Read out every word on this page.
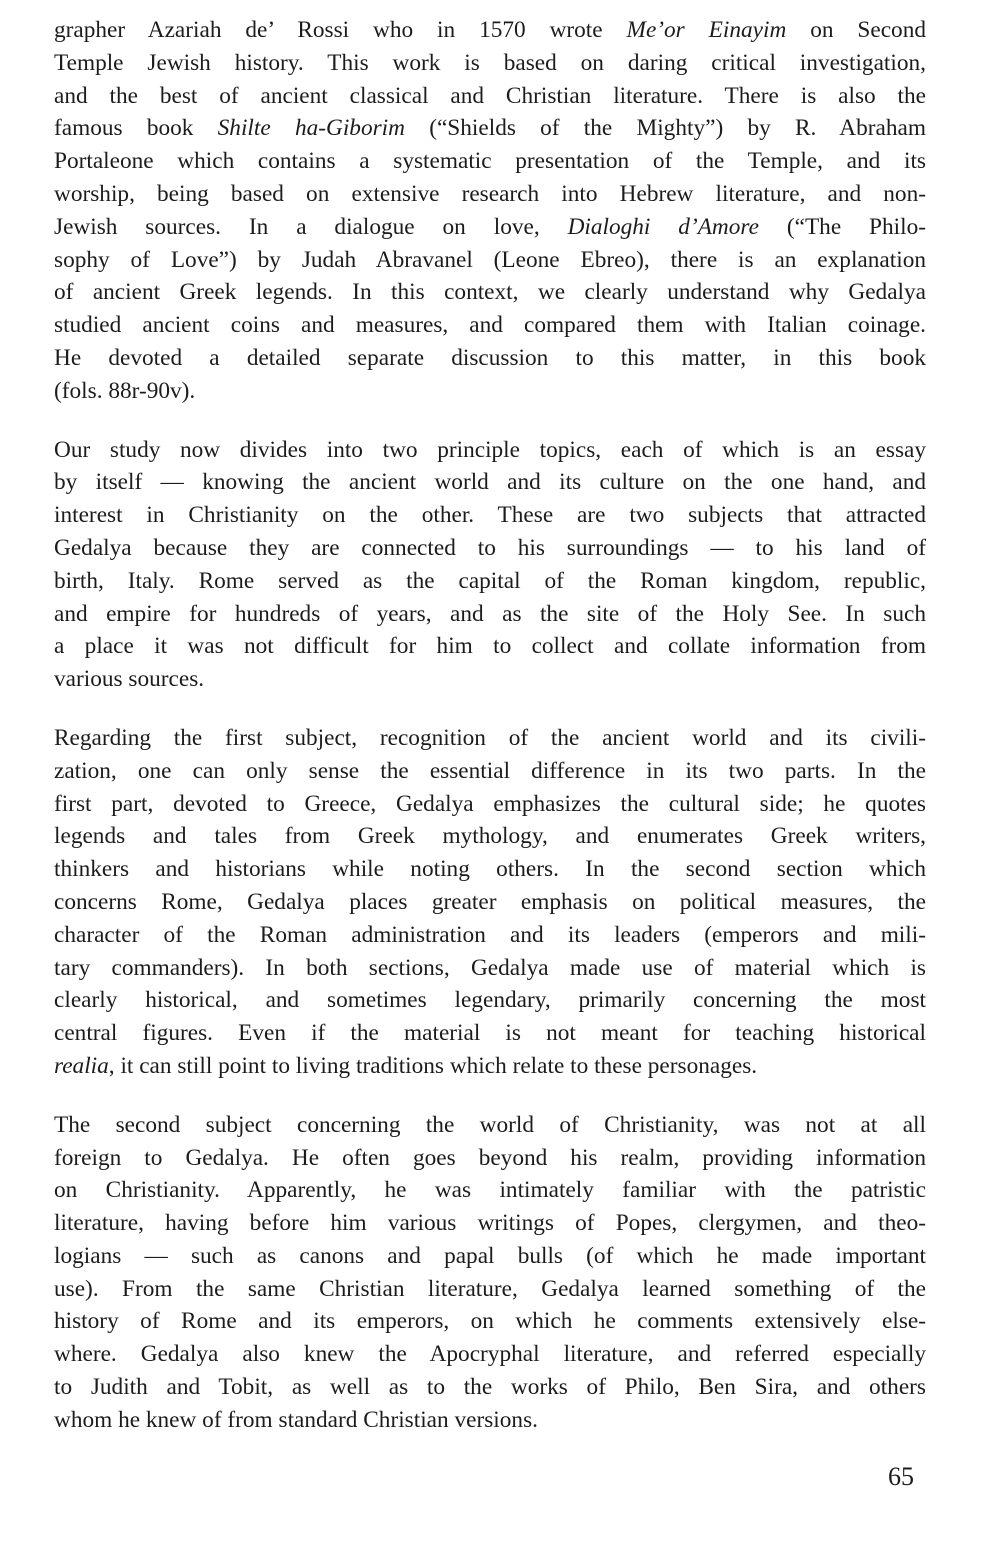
grapher Azariah de’ Rossi who in 1570 wrote Me’or Einayim on Second
Temple Jewish history. This work is based on daring critical investigation,
and the best of ancient classical and Christian literature. There is also the
famous book Shilte ha-Giborim (“Shields of the Mighty”) by R. Abraham
Portaleone which contains a systematic presentation of the Temple, and its
worship, being based on extensive research into Hebrew literature, and non-
Jewish sources. In a dialogue on love, Dialoghi d’Amore (“The Philo-
sophy of Love”) by Judah Abravanel (Leone Ebreo), there is an explanation
of ancient Greek legends. In this context, we clearly understand why Gedalya
studied ancient coins and measures, and compared them with Italian coinage.
He devoted a detailed separate discussion to this matter, in this book
(fols. 88r-90v).
Our study now divides into two principle topics, each of which is an essay
by itself — knowing the ancient world and its culture on the one hand, and
interest in Christianity on the other. These are two subjects that attracted
Gedalya because they are connected to his surroundings — to his land of
birth, Italy. Rome served as the capital of the Roman kingdom, republic,
and empire for hundreds of years, and as the site of the Holy See. In such
a place it was not difficult for him to collect and collate information from
various sources.
Regarding the first subject, recognition of the ancient world and its civili-
zation, one can only sense the essential difference in its two parts. In the
first part, devoted to Greece, Gedalya emphasizes the cultural side; he quotes
legends and tales from Greek mythology, and enumerates Greek writers,
thinkers and historians while noting others. In the second section which
concerns Rome, Gedalya places greater emphasis on political measures, the
character of the Roman administration and its leaders (emperors and mili-
tary commanders). In both sections, Gedalya made use of material which is
clearly historical, and sometimes legendary, primarily concerning the most
central figures. Even if the material is not meant for teaching historical
realia, it can still point to living traditions which relate to these personages.
The second subject concerning the world of Christianity, was not at all
foreign to Gedalya. He often goes beyond his realm, providing information
on Christianity. Apparently, he was intimately familiar with the patristic
literature, having before him various writings of Popes, clergymen, and theo-
logians — such as canons and papal bulls (of which he made important
use). From the same Christian literature, Gedalya learned something of the
history of Rome and its emperors, on which he comments extensively else-
where. Gedalya also knew the Apocryphal literature, and referred especially
to Judith and Tobit, as well as to the works of Philo, Ben Sira, and others
whom he knew of from standard Christian versions.
65
